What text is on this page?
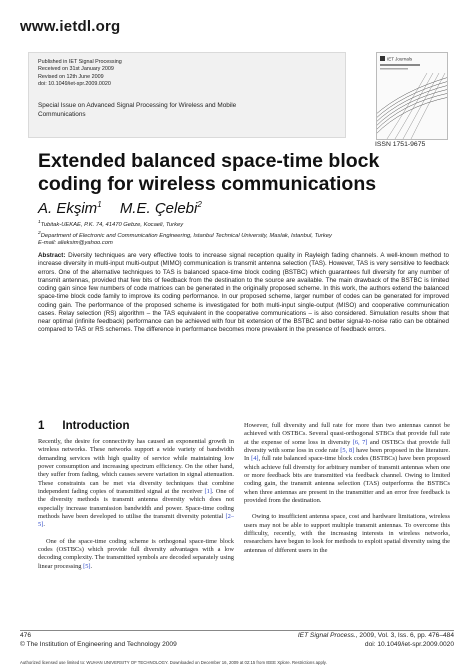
www.ietdl.org
Published in IET Signal Processing
Received on 31st January 2009
Revised on 12th June 2009
doi: 10.1049/iet-spr.2009.0020
Special Issue on Advanced Signal Processing for Wireless and Mobile Communications
IET Journals
ISSN 1751-9675
Extended balanced space-time block coding for wireless communications
A. Ekşim$^1$ M.E. Çelebi$^2$
$^1$Tubitak-UEKAE, P.K. 74, 41470 Gebze, Kocaeli, Turkey
$^2$Department of Electronic and Communication Engineering, Istanbul Technical University, Maslak, Istanbul, Turkey
E-mail: alieksim@yahoo.com

Abstract: Diversity techniques are very effective tools to increase signal reception quality in Rayleigh fading channels. A well-known method to increase diversity in multi-input multi-output (MIMO) communication is transmit antenna selection (TAS). However, TAS is very sensitive to feedback errors. One of the alternative techniques to TAS is balanced space-time block coding (BSTBC) which guarantees full diversity for any number of transmit antennas, provided that few bits of feedback from the destination to the source are available. The main drawback of the BSTBC is limited coding gain since few numbers of code matrices can be generated in the originally proposed scheme. In this work, the authors extend the balanced space-time block code family to improve its coding performance. In our proposed scheme, larger number of codes can be generated for improved coding gain. The performance of the proposed scheme is investigated for both multi-input single-output (MISO) and cooperative communication cases. Relay selection (RS) algorithm – the TAS equivalent in the cooperative communications – is also considered. Simulation results show that near optimal (infinite feedback) performance can be achieved with four bit extension of the BSTBC and better signal-to-noise ratio can be obtained compared to TAS or RS schemes. The difference in performance becomes more prevalent in the presence of feedback errors.

1 Introduction

Recently, the desire for connectivity has caused an exponential growth in wireless networks. These networks support a wide variety of bandwidth demanding services with high quality of service while maintaining low power consumption and increasing spectrum efficiency. On the other hand, they suffer from fading, which causes severe variation in signal attenuation. These constraints can be met via diversity techniques that combine independent fading copies of transmitted signal at the receiver [1]. One of the diversity methods is transmit antenna diversity which does not especially increase transmission bandwidth and power. Space-time coding methods have been developed to utilise the transmit diversity potential [2–5].

One of the space-time coding scheme is orthogonal space-time block codes (OSTBCs) which provide full diversity advantages with a low decoding complexity. The transmitted symbols are decoded separately using linear processing [5].

However, full diversity and full rate for more than two antennas cannot be achieved with OSTBCs. Several quasi-orthogonal STBCs that provide full rate at the expense of some loss in diversity [6, 7] and OSTBCs that provide full diversity with some loss in code rate [5, 8] have been proposed in the literature. In [4], full rate balanced space-time block codes (BSTBCs) have been proposed which achieve full diversity for arbitrary number of transmit antennas when one or more feedback bits are transmitted via feedback channel. Owing to limited coding gain, the transmit antenna selection (TAS) outperforms the BSTBCs when three antennas are present in the transmitter and an error free feedback is provided from the destination.

Owing to insufficient antenna space, cost and hardware limitations, wireless users may not be able to support multiple transmit antennas. To overcome this difficulty, recently, with the increasing interests in wireless networks, researchers have begun to look for methods to exploit spatial diversity using the antennas of different users in the

476
© The Institution of Engineering and Technology 2009
IET Signal Process., 2009, Vol. 3, Iss. 6, pp. 476–484
doi: 10.1049/iet-spr.2009.0020
Authorized licensed use limited to: WUHAN UNIVERSITY OF TECHNOLOGY. Downloaded on December 16, 2009 at 02:15 from IEEE Xplore. Restrictions apply.
